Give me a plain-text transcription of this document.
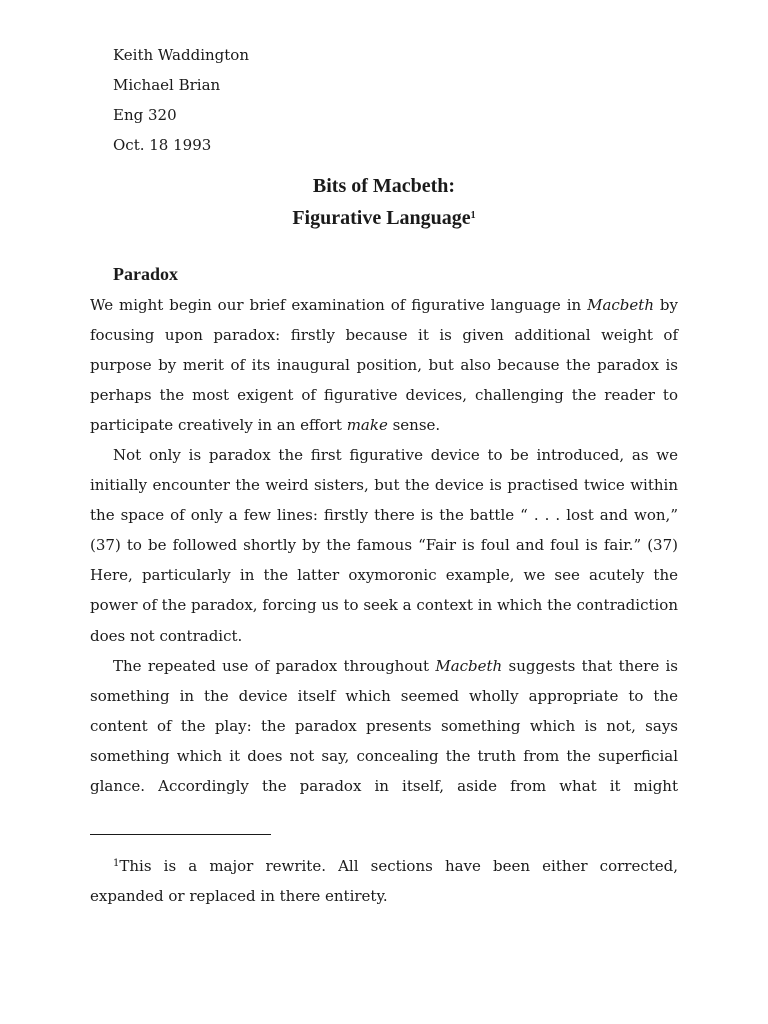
Keith Waddington
Michael Brian
Eng 320
Oct. 18 1993
Bits of Macbeth:
Figurative Language$^1$
Paradox

We might begin our brief examination of figurative language in Macbeth by focusing upon paradox: firstly because it is given additional weight of purpose by merit of its inaugural position, but also because the paradox is perhaps the most exigent of figurative devices, challenging the reader to participate creatively in an effort make sense.

Not only is paradox the first figurative device to be introduced, as we initially encounter the weird sisters, but the device is practised twice within the space of only a few lines: firstly there is the battle “ . . . lost and won,” (37) to be followed shortly by the famous “Fair is foul and foul is fair.” (37) Here, particularly in the latter oxymoronic example, we see acutely the power of the paradox, forcing us to seek a context in which the contradiction does not contradict.

The repeated use of paradox throughout Macbeth suggests that there is something in the device itself which seemed wholly appropriate to the content of the play: the paradox presents something which is not, says something which it does not say, concealing the truth from the superficial glance. Accordingly the paradox in itself, aside from what it might

$^1$This is a major rewrite. All sections have been either corrected, expanded or replaced in there entirety.
